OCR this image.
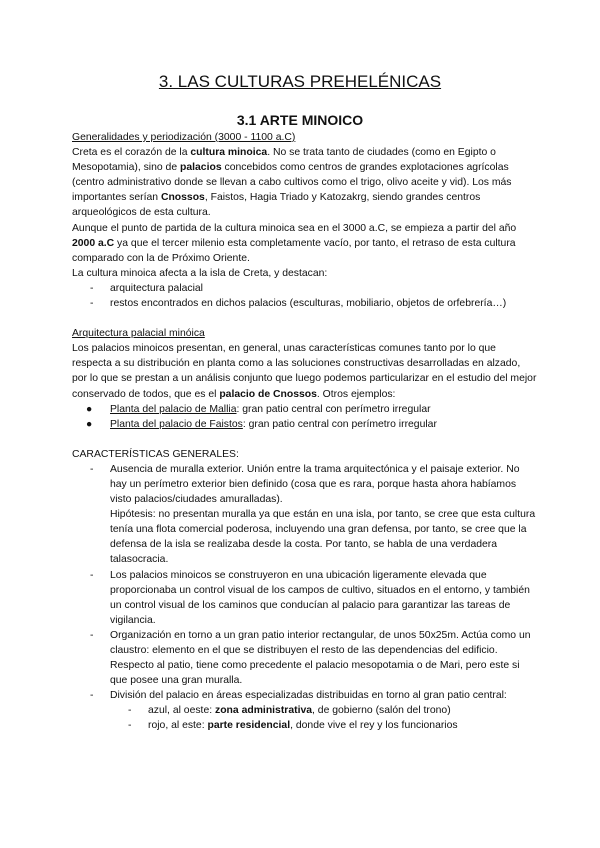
3. LAS CULTURAS PREHELÉNICAS
3.1 ARTE MINOICO

Generalidades y periodización (3000 - 1100 a.C)

Creta es el corazón de la cultura minoica. No se trata tanto de ciudades (como en Egipto o Mesopotamia), sino de palacios concebidos como centros de grandes explotaciones agrícolas (centro administrativo donde se llevan a cabo cultivos como el trigo, olivo aceite y vid). Los más importantes serían Cnossos, Faistos, Hagia Triado y Katozakrg, siendo grandes centros arqueológicos de esta cultura.

Aunque el punto de partida de la cultura minoica sea en el 3000 a.C, se empieza a partir del año 2000 a.C ya que el tercer milenio esta completamente vacío, por tanto, el retraso de esta cultura comparado con la de Próximo Oriente.

La cultura minoica afecta a la isla de Creta, y destacan:

- arquitectura palacial

- restos encontrados en dichos palacios (esculturas, mobiliario, objetos de orfebrería…)

Arquitectura palacial minóica

Los palacios minoicos presentan, en general, unas características comunes tanto por lo que respecta a su distribución en planta como a las soluciones constructivas desarrolladas en alzado, por lo que se prestan a un análisis conjunto que luego podemos particularizar en el estudio del mejor conservado de todos, que es el palacio de Cnossos. Otros ejemplos:

● Planta del palacio de Mallia: gran patio central con perímetro irregular

● Planta del palacio de Faistos: gran patio central con perímetro irregular

CARACTERÍSTICAS GENERALES:

- Ausencia de muralla exterior. Unión entre la trama arquitectónica y el paisaje exterior. No hay un perímetro exterior bien definido (cosa que es rara, porque hasta ahora habíamos visto palacios/ciudades amuralladas).

Hipótesis: no presentan muralla ya que están en una isla, por tanto, se cree que esta cultura tenía una flota comercial poderosa, incluyendo una gran defensa, por tanto, se cree que la defensa de la isla se realizaba desde la costa. Por tanto, se habla de una verdadera talasocracia.

- Los palacios minoicos se construyeron en una ubicación ligeramente elevada que proporcionaba un control visual de los campos de cultivo, situados en el entorno, y también un control visual de los caminos que conducían al palacio para garantizar las tareas de vigilancia.

- Organización en torno a un gran patio interior rectangular, de unos 50x25m. Actúa como un claustro: elemento en el que se distribuyen el resto de las dependencias del edificio.

Respecto al patio, tiene como precedente el palacio mesopotamia o de Mari, pero este si que posee una gran muralla.

- División del palacio en áreas especializadas distribuidas en torno al gran patio central:

- azul, al oeste: zona administrativa, de gobierno (salón del trono)

- rojo, al este: parte residencial, donde vive el rey y los funcionarios
